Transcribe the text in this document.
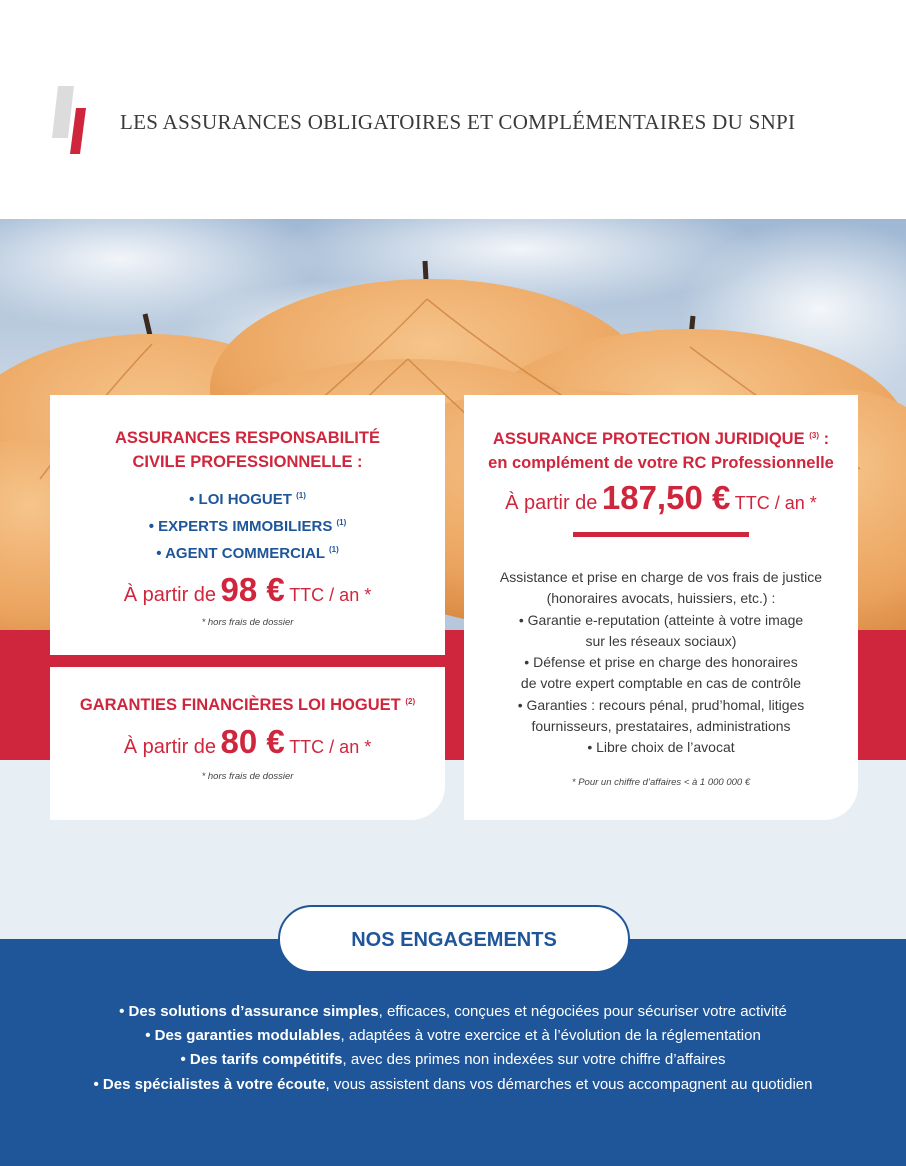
LES ASSURANCES OBLIGATOIRES ET COMPLÉMENTAIRES DU SNPI
ASSURANCES RESPONSABILITÉ
CIVILE PROFESSIONNELLE :
• LOI HOGUET $^{(1)}$
• EXPERTS IMMOBILIERS $^{(1)}$
• AGENT COMMERCIAL $^{(1)}$
À partir de 98 € TTC / an *
* hors frais de dossier
GARANTIES FINANCIÈRES LOI HOGUET $^{(2)}$
À partir de 80 € TTC / an *
* hors frais de dossier
ASSURANCE PROTECTION JURIDIQUE $^{(3)}$ :
en complément de votre RC Professionnelle
À partir de 187,50 € TTC / an *
Assistance et prise en charge de vos frais de justice
(honoraires avocats, huissiers, etc.) :
• Garantie e-reputation (atteinte à votre image
sur les réseaux sociaux)
• Défense et prise en charge des honoraires
de votre expert comptable en cas de contrôle
• Garanties : recours pénal, prud’homal, litiges
fournisseurs, prestataires, administrations
• Libre choix de l’avocat
* Pour un chiffre d’affaires < à 1 000 000 €
NOS ENGAGEMENTS
• Des solutions d’assurance simples, efficaces, conçues et négociées pour sécuriser votre activité
• Des garanties modulables, adaptées à votre exercice et à l’évolution de la réglementation
• Des tarifs compétitifs, avec des primes non indexées sur votre chiffre d’affaires
• Des spécialistes à votre écoute, vous assistent dans vos démarches et vous accompagnent au quotidien
